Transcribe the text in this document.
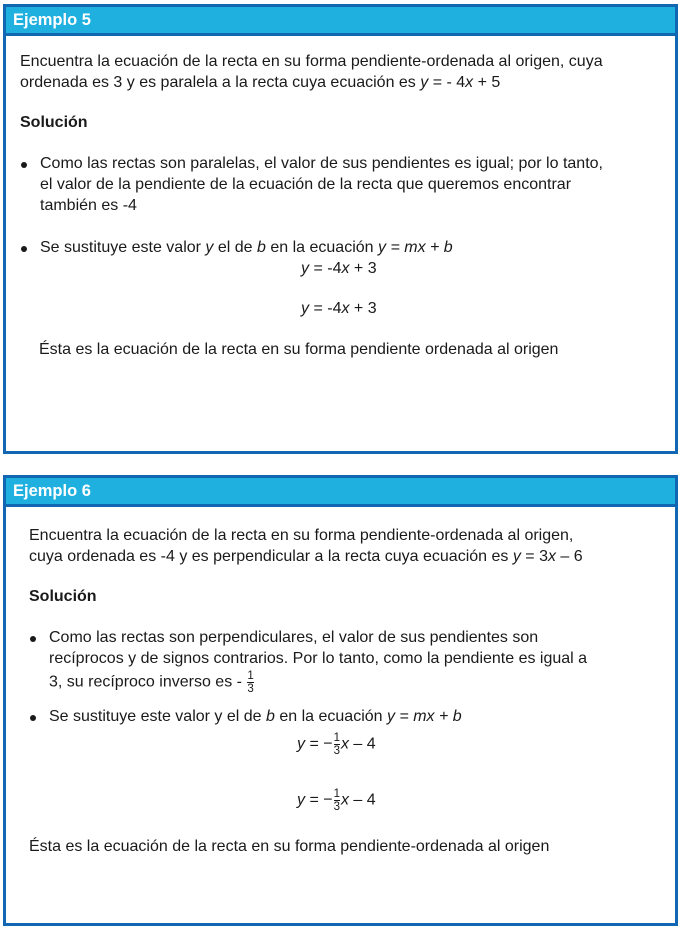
Ejemplo 5
Encuentra la ecuación de la recta en su forma pendiente-ordenada al origen, cuya
ordenada es 3 y es paralela a la recta cuya ecuación es y = - 4x + 5
Solución
Como las rectas son paralelas, el valor de sus pendientes es igual; por lo tanto,
el valor de la pendiente de la ecuación de la recta que queremos encontrar
también es -4
Se sustituye este valor y el de b en la ecuación y = mx + b
y = -4x + 3
y = -4x + 3
Ésta es la ecuación de la recta en su forma pendiente ordenada al origen
Ejemplo 6
Encuentra la ecuación de la recta en su forma pendiente-ordenada al origen,
cuya ordenada es -4 y es perpendicular a la recta cuya ecuación es y = 3x – 6
Solución
Como las rectas son perpendiculares, el valor de sus pendientes son
recíprocos y de signos contrarios. Por lo tanto, como la pendiente es igual a
3, su recíproco inverso es - $\frac{1}{3}$
Se sustituye este valor y el de b en la ecuación y = mx + b
y = − $\frac{1}{3}$ x – 4
y = − $\frac{1}{3}$ x – 4
Ésta es la ecuación de la recta en su forma pendiente-ordenada al origen
